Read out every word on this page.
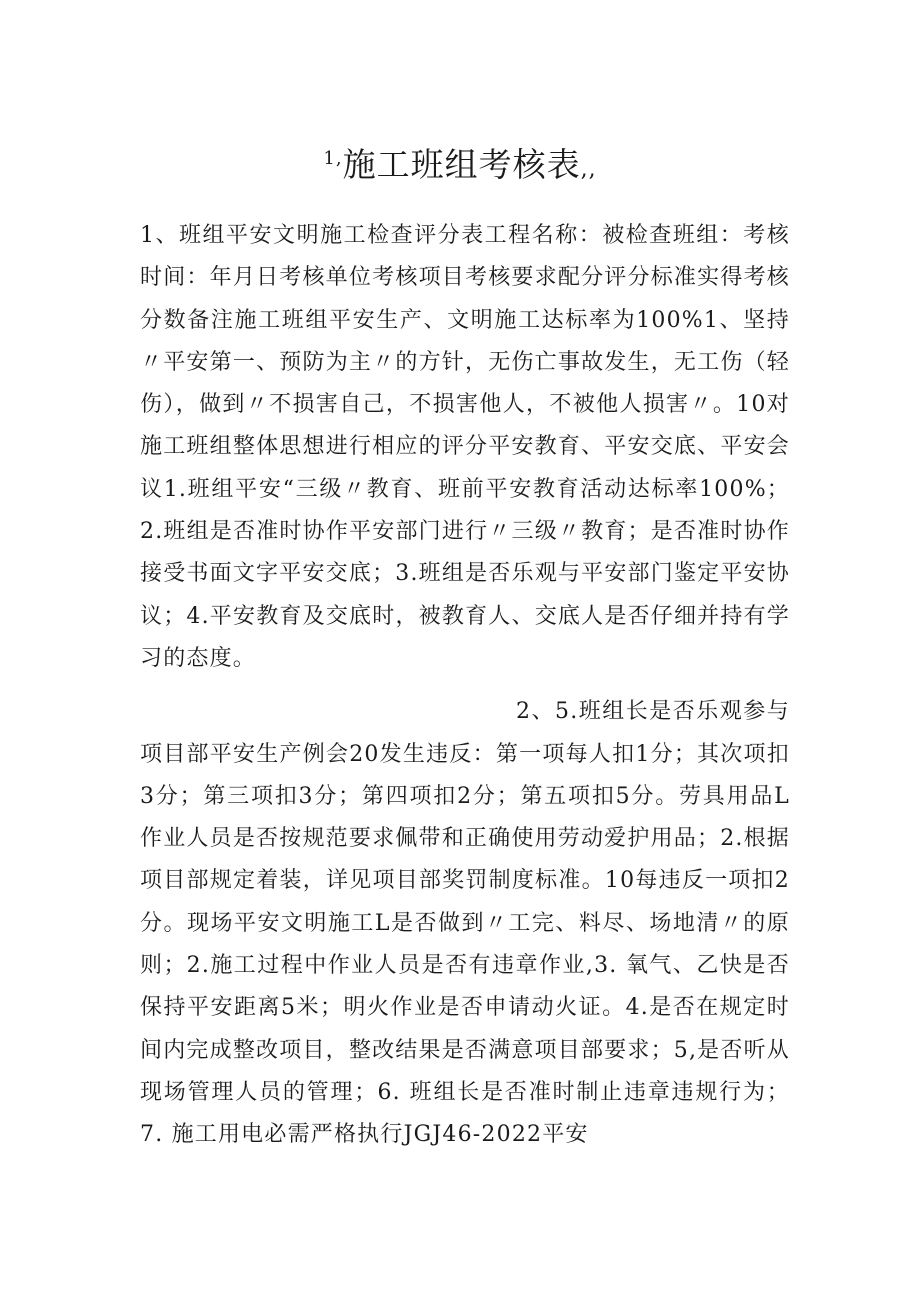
$^{1,}$施工班组考核表,,

1、班组平安文明施工检查评分表工程名称：被检查班组：考核时间：年月日考核单位考核项目考核要求配分评分标准实得考核分数备注施工班组平安生产、文明施工达标率为100%1、坚持〃平安第一、预防为主〃的方针，无伤亡事故发生，无工伤（轻伤），做到〃不损害自己，不损害他人，不被他人损害〃。10对施工班组整体思想进行相应的评分平安教育、平安交底、平安会议1.班组平安“三级〃教育、班前平安教育活动达标率100%；2.班组是否准时协作平安部门进行〃三级〃教育；是否准时协作接受书面文字平安交底；3.班组是否乐观与平安部门鉴定平安协议；4.平安教育及交底时，被教育人、交底人是否仔细并持有学习的态度。

2、5.班组长是否乐观参与项目部平安生产例会20发生违反：第一项每人扣1分；其次项扣3分；第三项扣3分；第四项扣2分；第五项扣5分。劳具用品L作业人员是否按规范要求佩带和正确使用劳动爱护用品；2.根据项目部规定着装，详见项目部奖罚制度标准。10每违反一项扣2分。现场平安文明施工L是否做到〃工完、料尽、场地清〃的原则；2.施工过程中作业人员是否有违章作业,3. 氧气、乙快是否保持平安距离5米；明火作业是否申请动火证。4.是否在规定时间内完成整改项目，整改结果是否满意项目部要求；5,是否听从现场管理人员的管理；6. 班组长是否准时制止违章违规行为；7. 施工用电必需严格执行JGJ46-2022平安
